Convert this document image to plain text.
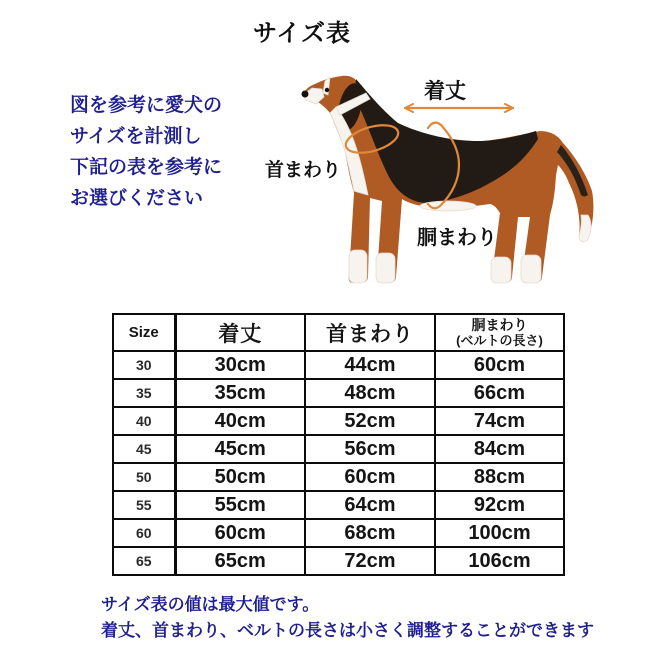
サイズ表
図を参考に愛犬の
サイズを計測し
下記の表を参考に
お選びください
着丈
首まわり
胴まわり
Size	着丈	首まわり	胴まわり
(ベルトの長さ)

30	30cm	44cm	60cm
35	35cm	48cm	66cm
40	40cm	52cm	74cm
45	45cm	56cm	84cm
50	50cm	60cm	88cm
55	55cm	64cm	92cm
60	60cm	68cm	100cm
65	65cm	72cm	106cm
サイズ表の値は最大値です。
着丈、首まわり、ベルトの長さは小さく調整することができます
